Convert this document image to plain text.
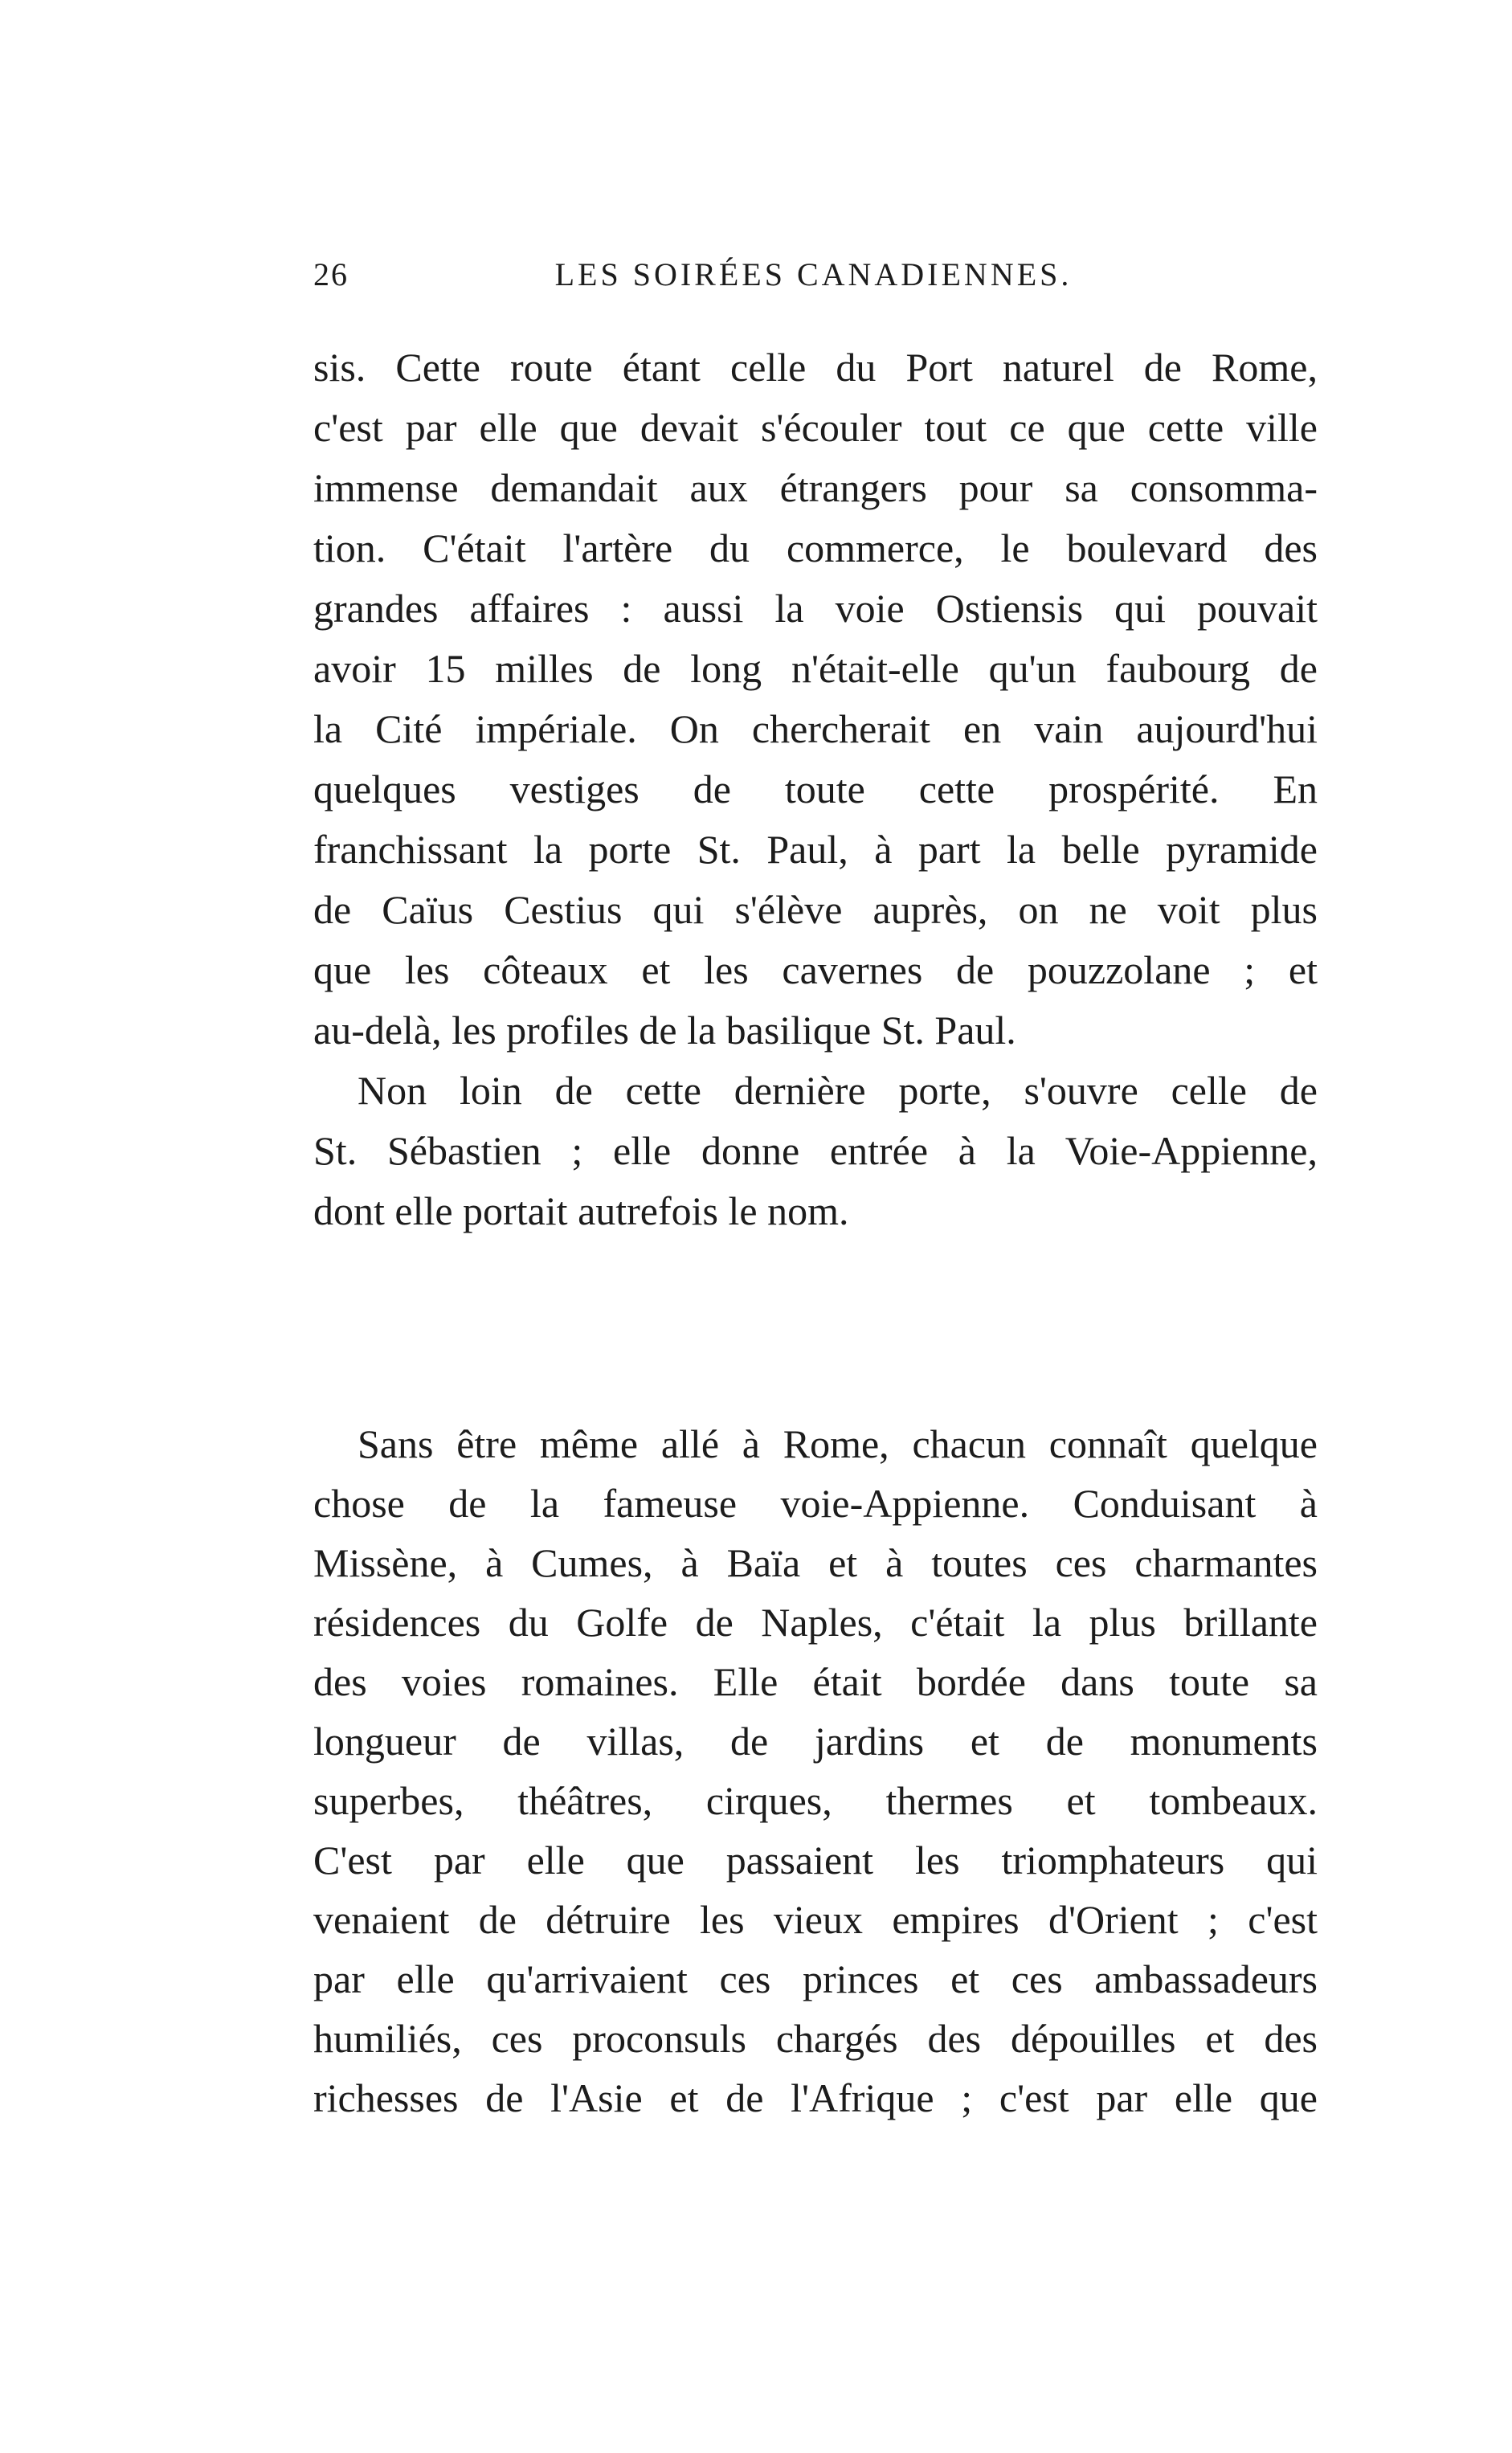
26	LES SOIRÉES CANADIENNES.
sis. Cette route étant celle du Port naturel de Rome,
c'est par elle que devait s'écouler tout ce que cette ville
immense demandait aux étrangers pour sa consomma-
tion. C'était l'artère du commerce, le boulevard des
grandes affaires : aussi la voie Ostiensis qui pouvait
avoir 15 milles de long n'était-elle qu'un faubourg de
la Cité impériale. On chercherait en vain aujourd'hui
quelques vestiges de toute cette prospérité. En
franchissant la porte St. Paul, à part la belle pyramide
de Caïus Cestius qui s'élève auprès, on ne voit plus
que les côteaux et les cavernes de pouzzolane ; et
au-delà, les profiles de la basilique St. Paul.
Non loin de cette dernière porte, s'ouvre celle de
St. Sébastien ; elle donne entrée à la Voie-Appienne,
dont elle portait autrefois le nom.
Sans être même allé à Rome, chacun connaît quelque
chose de la fameuse voie-Appienne. Conduisant à
Missène, à Cumes, à Baïa et à toutes ces charmantes
résidences du Golfe de Naples, c'était la plus brillante
des voies romaines. Elle était bordée dans toute sa
longueur de villas, de jardins et de monuments
superbes, théâtres, cirques, thermes et tombeaux.
C'est par elle que passaient les triomphateurs qui
venaient de détruire les vieux empires d'Orient ; c'est
par elle qu'arrivaient ces princes et ces ambassadeurs
humiliés, ces proconsuls chargés des dépouilles et des
richesses de l'Asie et de l'Afrique ; c'est par elle que
